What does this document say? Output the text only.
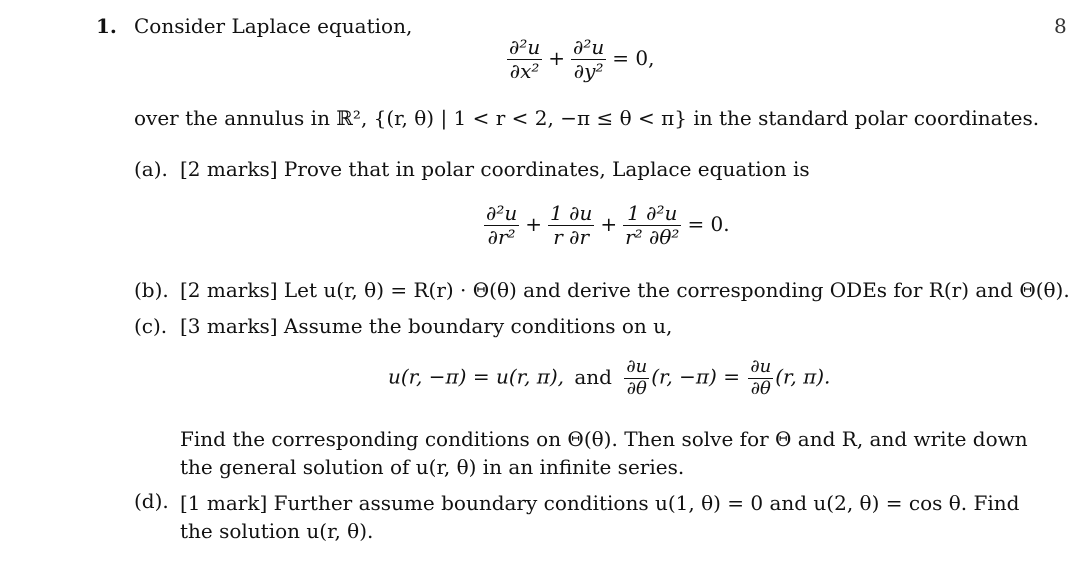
1. Consider Laplace equation,	8
$\frac{\text{∂²u}}{\text{∂x²}} + \frac{\text{∂²u}}{\text{∂y²}} = 0$,
over the annulus in ℝ², {(r, θ) | 1 < r < 2, −π ≤ θ < π} in the standard polar coordinates.
(a). [2 marks] Prove that in polar coordinates, Laplace equation is
$\frac{\text{∂²u}}{\text{∂r²}} + \frac{1 \partial u}{r \partial r} + \frac{\text{1 ∂²u}}{\text{r² ∂θ²}} = 0$.
(b). [2 marks] Let u(r, θ) = R(r) · Θ(θ) and derive the corresponding ODEs for R(r) and Θ(θ).
(c). [3 marks] Assume the boundary conditions on u,
u(r, −π) = u(r, π), and $\frac{\partial u}{\partial\theta} (r$, $-\pi) = \frac{\partial u}{\partial\theta} (r$, π).
Find the corresponding conditions on Θ(θ). Then solve for Θ and R, and write down the general solution of u(r, θ) in an infinite series.
(d). [1 mark] Further assume boundary conditions u(1, θ) = 0 and u(2, θ) = cos θ. Find the solution u(r, θ).
